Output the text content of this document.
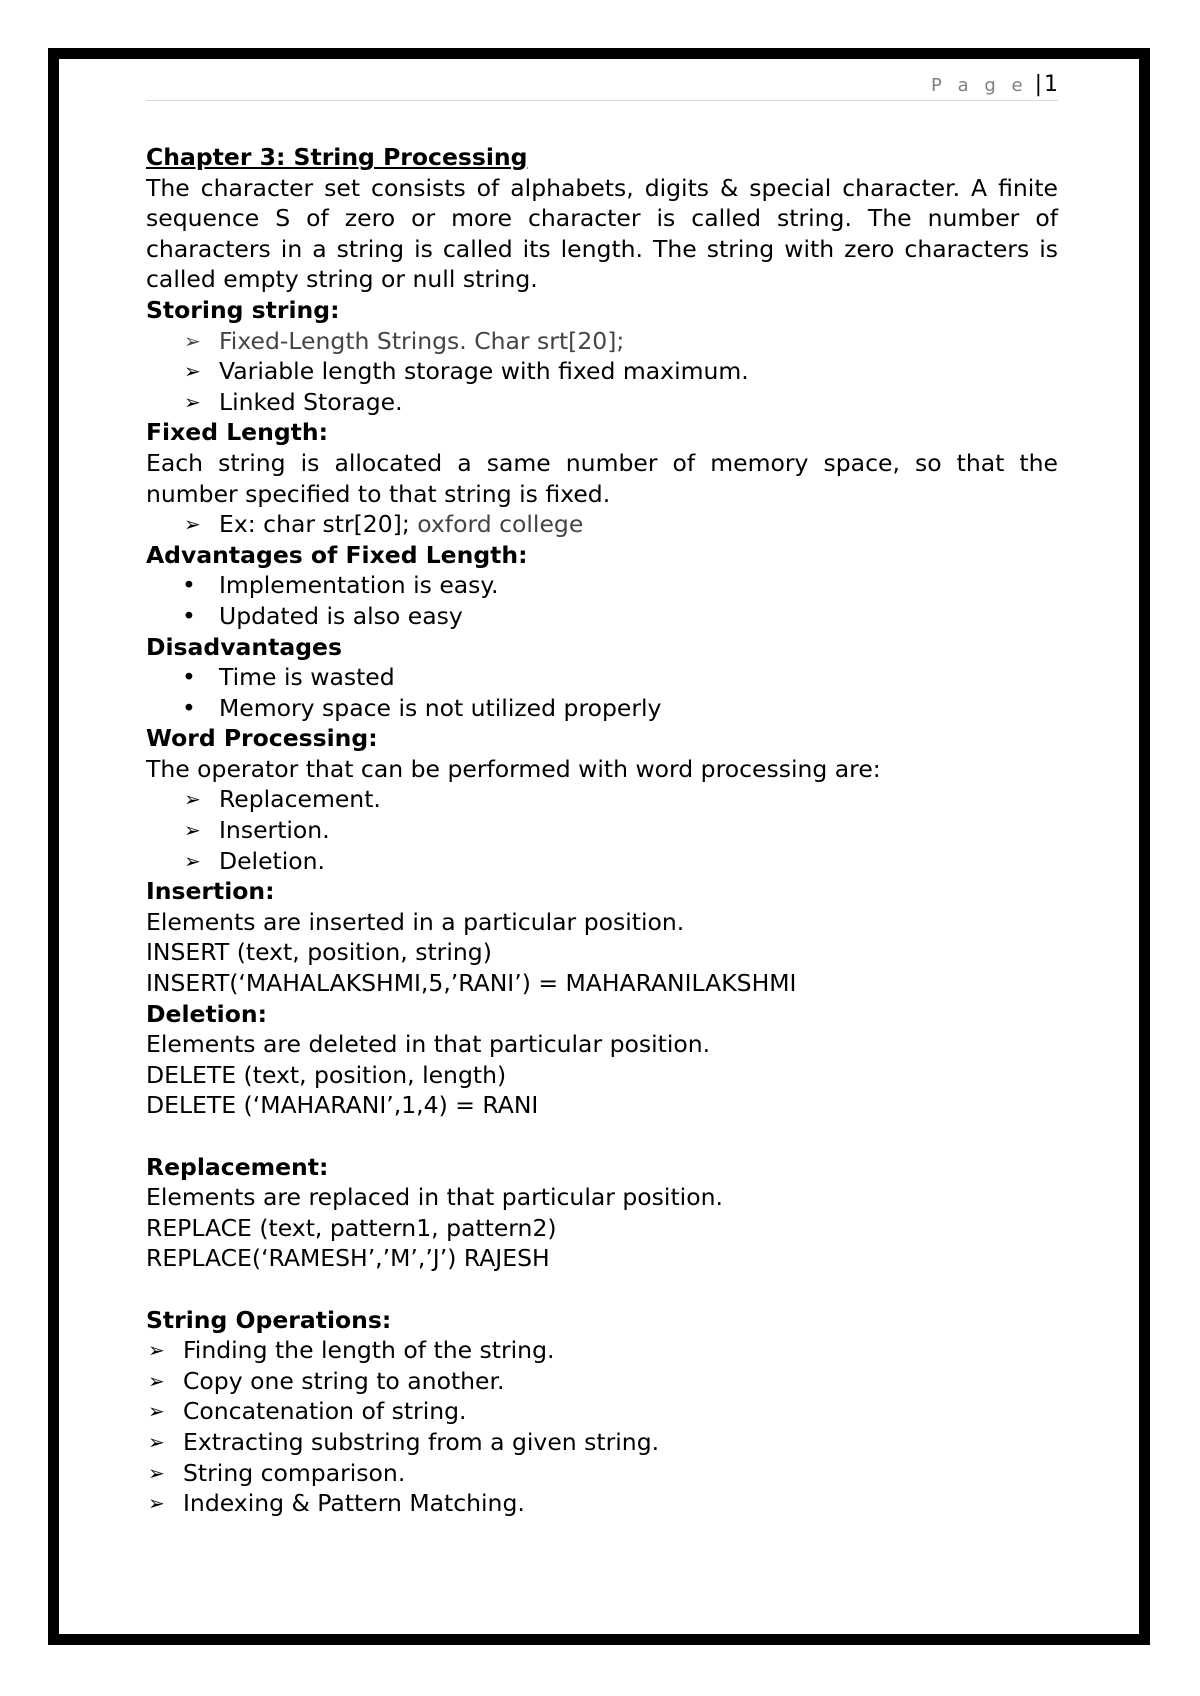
P a g e |1

Chapter 3: String Processing

The character set consists of alphabets, digits & special character. A finite sequence S of zero or more character is called string. The number of characters in a string is called its length. The string with zero characters is called empty string or null string.

Storing string:

➢ Fixed-Length Strings. Char srt[20];
➢ Variable length storage with fixed maximum.
➢ Linked Storage.

Fixed Length:

Each string is allocated a same number of memory space, so that the number specified to that string is fixed.

➢ Ex: char str[20]; oxford college

Advantages of Fixed Length:

• Implementation is easy.
• Updated is also easy

Disadvantages

• Time is wasted
• Memory space is not utilized properly

Word Processing:

The operator that can be performed with word processing are:

➢ Replacement.
➢ Insertion.
➢ Deletion.

Insertion:

Elements are inserted in a particular position.

INSERT (text, position, string)

INSERT(‘MAHALAKSHMI,5,’RANI’) = MAHARANILAKSHMI

Deletion:

Elements are deleted in that particular position.

DELETE (text, position, length)

DELETE (‘MAHARANI’,1,4) = RANI

Replacement:

Elements are replaced in that particular position.

REPLACE (text, pattern1, pattern2)

REPLACE(‘RAMESH’,’M’,’J’) RAJESH

String Operations:

➢ Finding the length of the string.
➢ Copy one string to another.
➢ Concatenation of string.
➢ Extracting substring from a given string.
➢ String comparison.
➢ Indexing & Pattern Matching.
